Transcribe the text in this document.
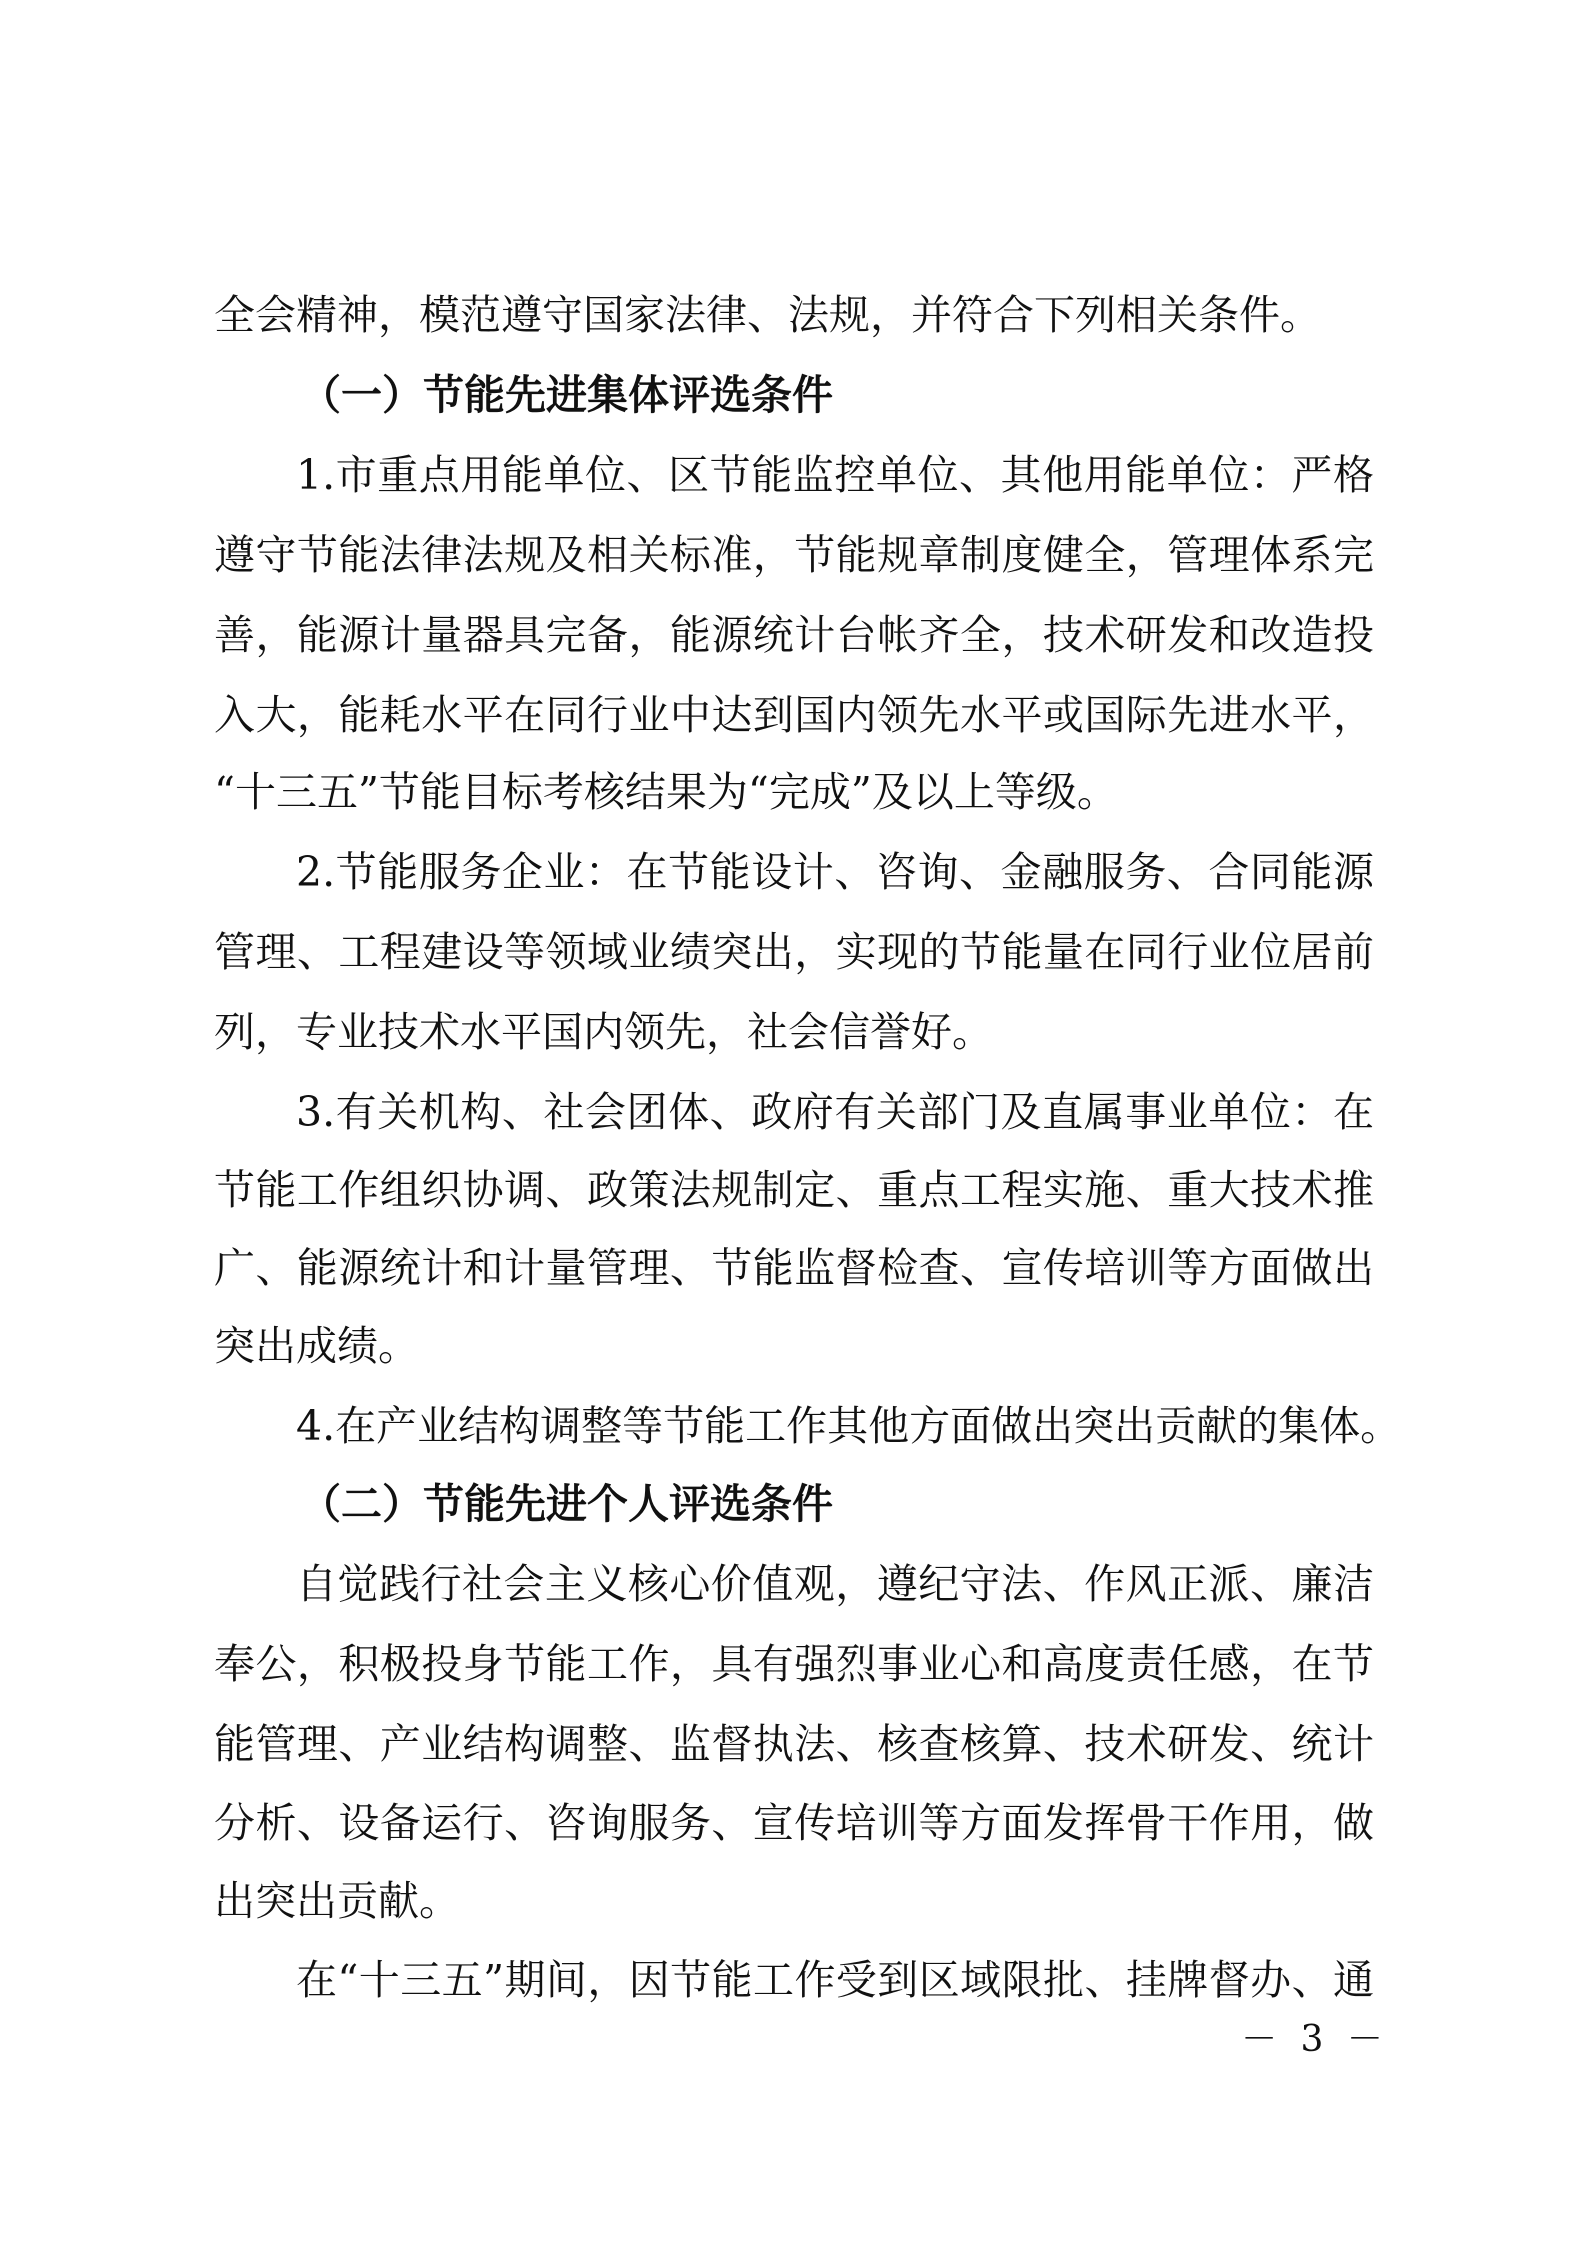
全会精神，模范遵守国家法律、法规，并符合下列相关条件。
（一）节能先进集体评选条件
1.市重点用能单位、区节能监控单位、其他用能单位：严格
遵守节能法律法规及相关标准，节能规章制度健全，管理体系完
善，能源计量器具完备，能源统计台帐齐全，技术研发和改造投
入大，能耗水平在同行业中达到国内领先水平或国际先进水平，
“十三五”节能目标考核结果为“完成”及以上等级。
2.节能服务企业：在节能设计、咨询、金融服务、合同能源
管理、工程建设等领域业绩突出，实现的节能量在同行业位居前
列，专业技术水平国内领先，社会信誉好。
3.有关机构、社会团体、政府有关部门及直属事业单位：在
节能工作组织协调、政策法规制定、重点工程实施、重大技术推
广、能源统计和计量管理、节能监督检查、宣传培训等方面做出
突出成绩。
4.在产业结构调整等节能工作其他方面做出突出贡献的集体。
（二）节能先进个人评选条件
自觉践行社会主义核心价值观，遵纪守法、作风正派、廉洁
奉公，积极投身节能工作，具有强烈事业心和高度责任感，在节
能管理、产业结构调整、监督执法、核查核算、技术研发、统计
分析、设备运行、咨询服务、宣传培训等方面发挥骨干作用，做
出突出贡献。
在“十三五”期间，因节能工作受到区域限批、挂牌督办、通
－ 3 －
